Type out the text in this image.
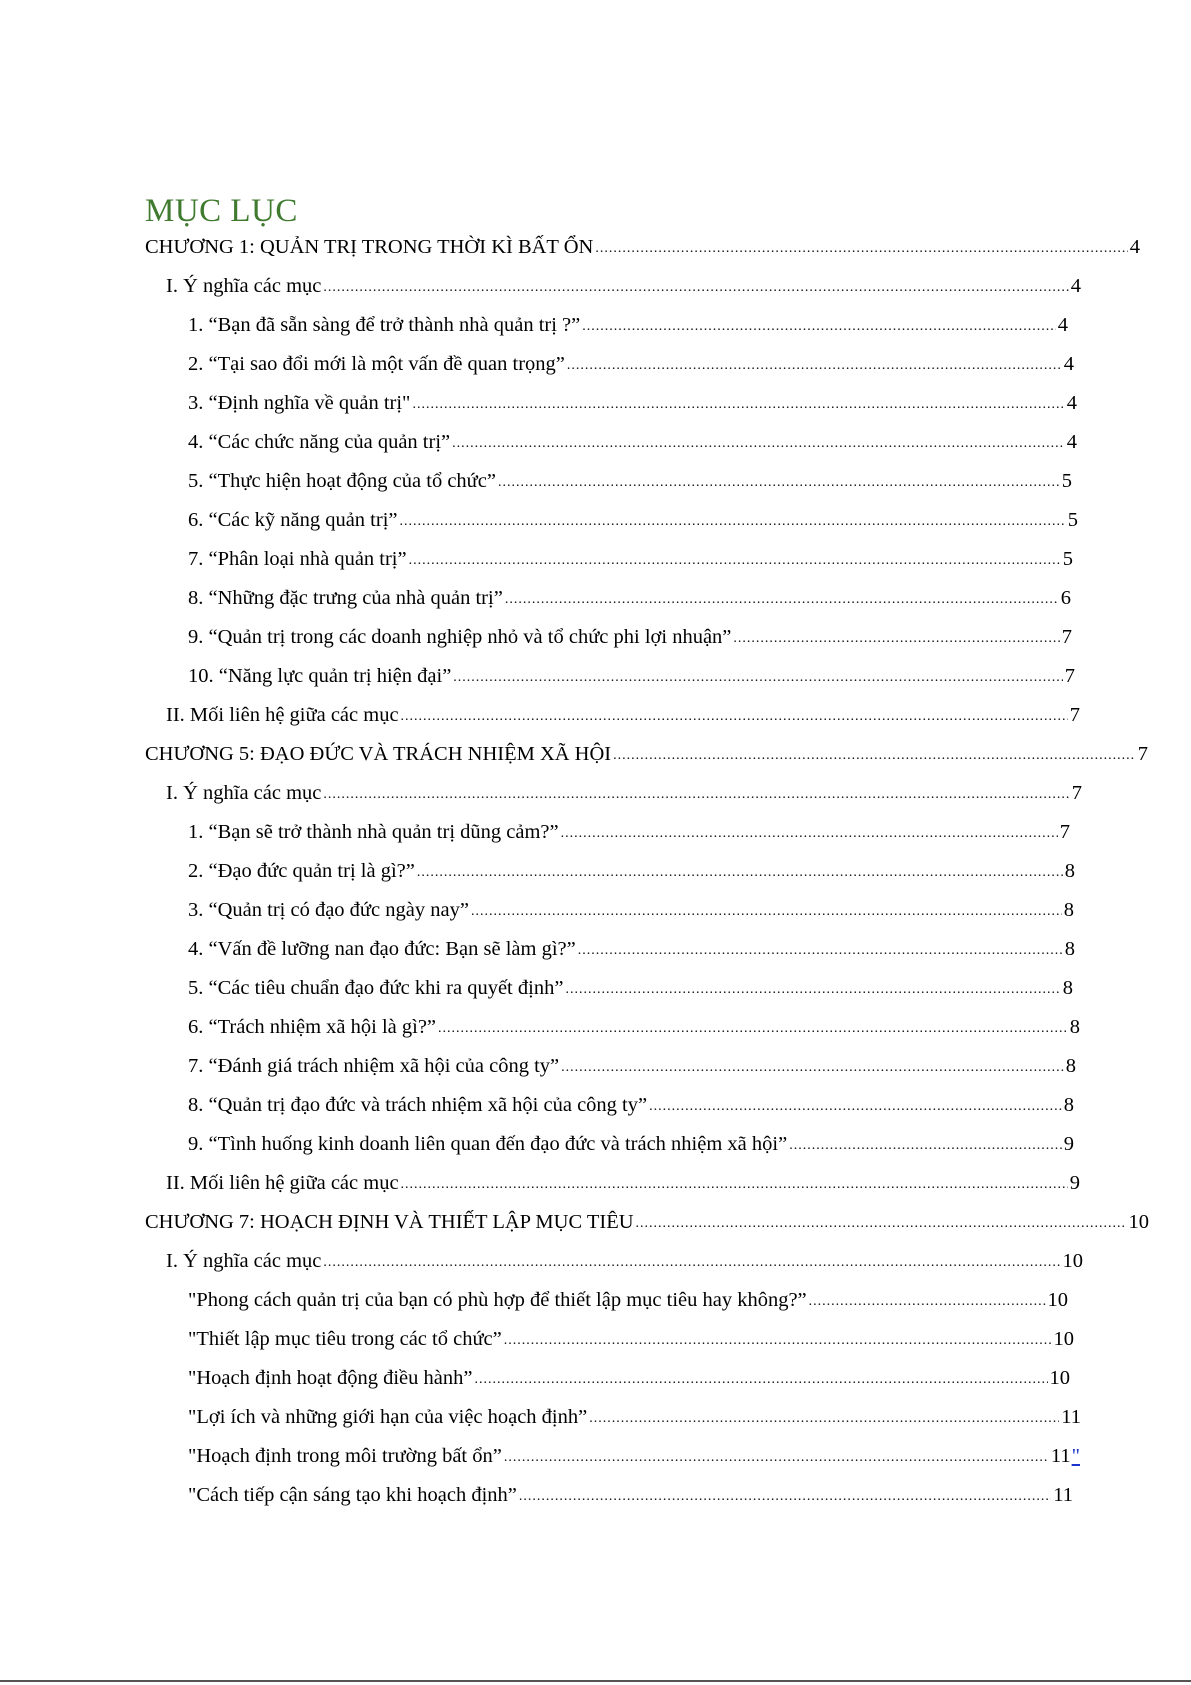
MỤC LỤC
CHƯƠNG 1: QUẢN TRỊ TRONG THỜI KÌ BẤT ỔN .....	4
I. Ý nghĩa các mục .....	4
1. “Bạn đã sẵn sàng để trở thành nhà quản trị ?” .....	4
2. “Tại sao đổi mới là một vấn đề quan trọng” .....	4
3. “Định nghĩa về quản trị" .....	4
4. “Các chức năng của quản trị” .....	4
5. “Thực hiện hoạt động của tổ chức” .....	5
6. “Các kỹ năng quản trị” .....	5
7. “Phân loại nhà quản trị” .....	5
8. “Những đặc trưng của nhà quản trị” .....	6
9. “Quản trị trong các doanh nghiệp nhỏ và tổ chức phi lợi nhuận” .....	7
10. “Năng lực quản trị hiện đại” .....	7
II. Mối liên hệ giữa các mục .....	7
CHƯƠNG 5: ĐẠO ĐỨC VÀ TRÁCH NHIỆM XÃ HỘI .....	7
I. Ý nghĩa các mục .....	7
1. “Bạn sẽ trở thành nhà quản trị dũng cảm?” .....	7
2. “Đạo đức quản trị là gì?” .....	8
3. “Quản trị có đạo đức ngày nay” .....	8
4. “Vấn đề lưỡng nan đạo đức: Bạn sẽ làm gì?” .....	8
5. “Các tiêu chuẩn đạo đức khi ra quyết định” .....	8
6. “Trách nhiệm xã hội là gì?” .....	8
7. “Đánh giá trách nhiệm xã hội của công ty” .....	8
8. “Quản trị đạo đức và trách nhiệm xã hội của công ty” .....	8
9. “Tình huống kinh doanh liên quan đến đạo đức và trách nhiệm xã hội” .....	9
II. Mối liên hệ giữa các mục .....	9
CHƯƠNG 7: HOẠCH ĐỊNH VÀ THIẾT LẬP MỤC TIÊU .....	10
I. Ý nghĩa các mục .....	10
"Phong cách quản trị của bạn có phù hợp để thiết lập mục tiêu hay không?” .....	10
"Thiết lập mục tiêu trong các tổ chức” .....	10
"Hoạch định hoạt động điều hành” .....	10
"Lợi ích và những giới hạn của việc hoạch định” .....	11
"Hoạch định trong môi trường bất ổn” .....	11 "
"Cách tiếp cận sáng tạo khi hoạch định” .....	11
